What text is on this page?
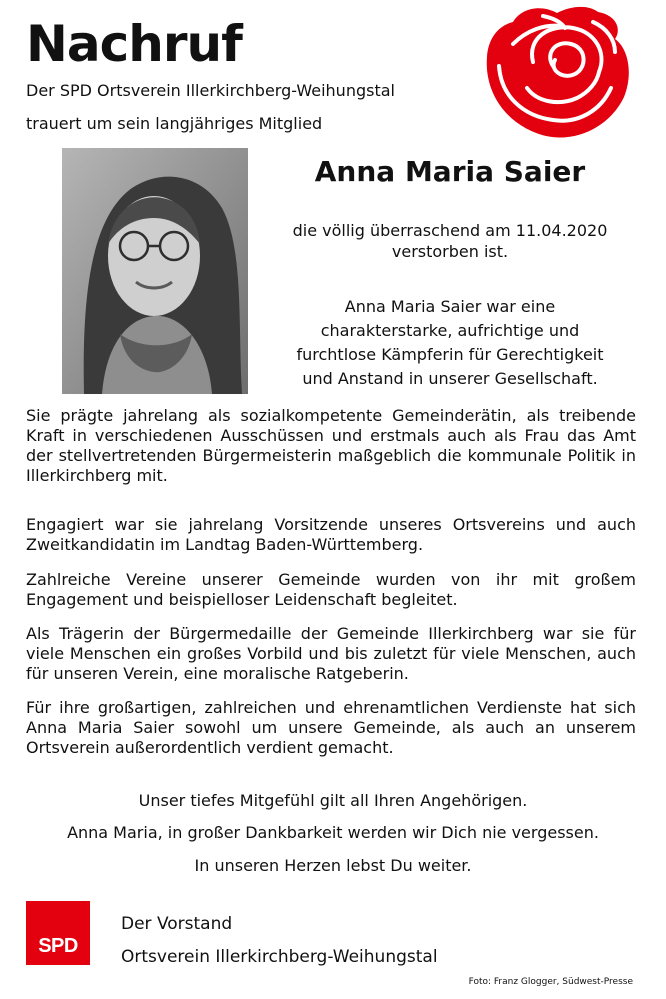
Nachruf
Der SPD Ortsverein Illerkirchberg-Weihungstal
trauert um sein langjähriges Mitglied
Anna Maria Saier
die völlig überraschend am 11.04.2020
verstorben ist.
Anna Maria Saier war eine
charakterstarke, aufrichtige und
furchtlose Kämpferin für Gerechtigkeit
und Anstand in unserer Gesellschaft.

Sie prägte jahrelang als sozialkompetente Gemeinderätin, als treibende Kraft in verschiedenen Ausschüssen und erstmals auch als Frau das Amt der stellvertretenden Bürgermeisterin maßgeblich die kommunale Politik in Illerkirchberg mit.

Engagiert war sie jahrelang Vorsitzende unseres Ortsvereins und auch Zweitkandidatin im Landtag Baden-Württemberg.

Zahlreiche Vereine unserer Gemeinde wurden von ihr mit großem Engagement und beispielloser Leidenschaft begleitet.

Als Trägerin der Bürgermedaille der Gemeinde Illerkirchberg war sie für viele Menschen ein großes Vorbild und bis zuletzt für viele Menschen, auch für unseren Verein, eine moralische Ratgeberin.

Für ihre großartigen, zahlreichen und ehrenamtlichen Verdienste hat sich Anna Maria Saier sowohl um unsere Gemeinde, als auch an unserem Ortsverein außerordentlich verdient gemacht.

Unser tiefes Mitgefühl gilt all Ihren Angehörigen.
Anna Maria, in großer Dankbarkeit werden wir Dich nie vergessen.
In unseren Herzen lebst Du weiter.
SPD
Der Vorstand
Ortsverein Illerkirchberg-Weihungstal
Foto: Franz Glogger, Südwest-Presse
